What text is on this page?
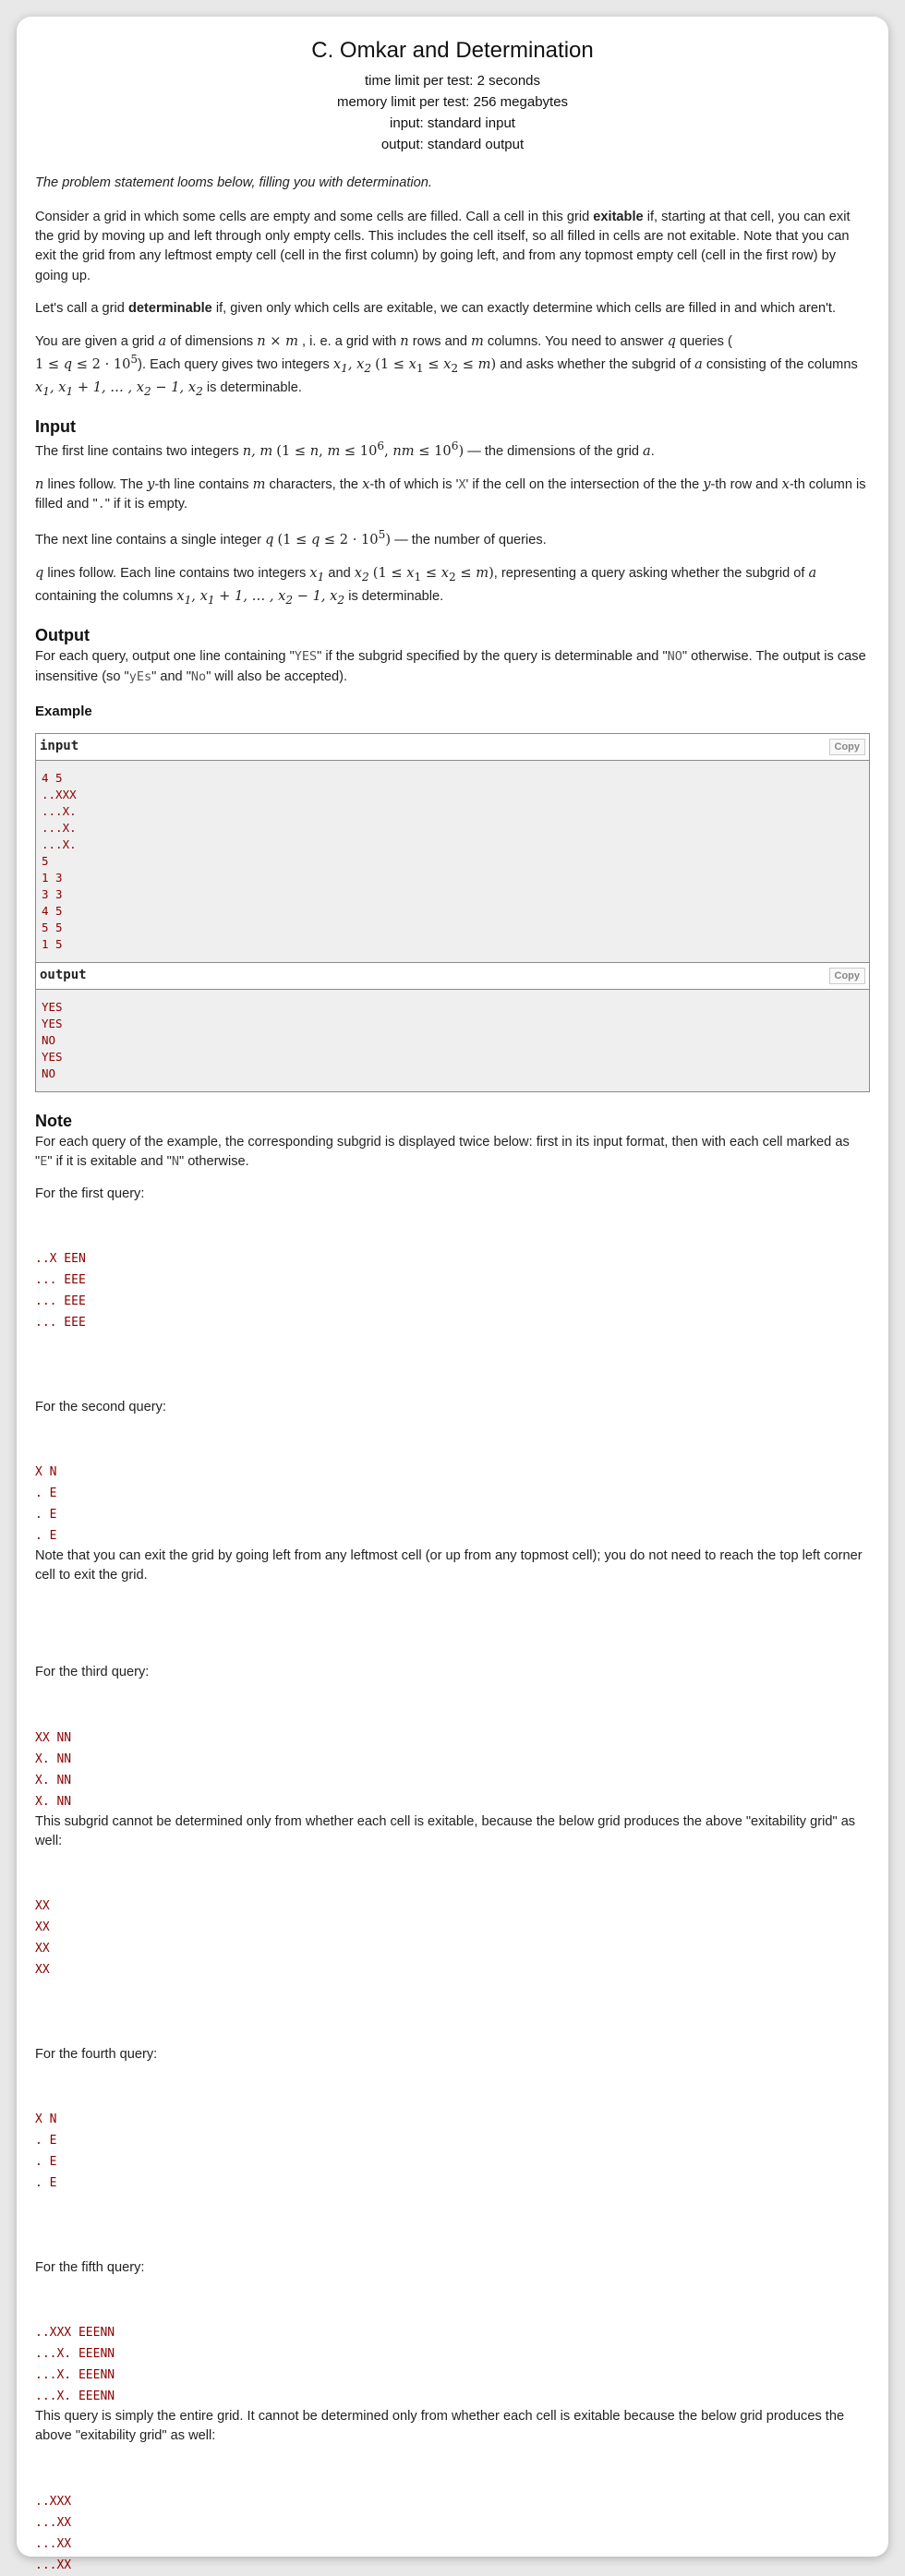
C. Omkar and Determination
time limit per test: 2 seconds
memory limit per test: 256 megabytes
input: standard input
output: standard output

The problem statement looms below, filling you with determination.

Consider a grid in which some cells are empty and some cells are filled. Call a cell in this grid exitable if, starting at that cell, you can exit the grid by moving up and left through only empty cells. This includes the cell itself, so all filled in cells are not exitable. Note that you can exit the grid from any leftmost empty cell (cell in the first column) by going left, and from any topmost empty cell (cell in the first row) by going up.

Let's call a grid determinable if, given only which cells are exitable, we can exactly determine which cells are filled in and which aren't.

You are given a grid a of dimensions n × m , i. e. a grid with n rows and m columns. You need to answer q queries (
$1 \le q \le 2 \cdot 10^5$). Each query gives two integers $x_1$, $x_2$ $(1 \le x_1 \le x_2 \le m)$ and asks whether the subgrid of a consisting of the columns $x_1$, $x_1 + 1$, … , $x_2 - 1$, $x_2$ is determinable.

Input

The first line contains two integers n, m (1 ≤ n, $m \le 10^6$, nm ≤ $10^6$) — the dimensions of the grid a.

n lines follow. The y-th line contains m characters, the x-th of which is 'X' if the cell on the intersection of the the y-th row and x-th column is filled and "." if it is empty.

The next line contains a single integer q $(1 \le q \le 2 \cdot 10^5)$ — the number of queries.

q lines follow. Each line contains two integers $x_1$ and $x_2$ $(1 \le x_1 \le x_2 \le m)$, representing a query asking whether the subgrid of a
containing the columns $x_1$, $x_1 + 1$, … , $x_2 - 1$, $x_2$ is determinable.

Output

For each query, output one line containing "YES" if the subgrid specified by the query is determinable and "NO" otherwise. The output is case insensitive (so "yEs" and "No" will also be accepted).

Example
input	Copy
4 5
..XXX
...X.
...X.
...X.
5
1 3
3 3
4 5
5 5
1 5
output	Copy
YES
YES
NO
YES
NO
Note

For each query of the example, the corresponding subgrid is displayed twice below: first in its input format, then with each cell marked as "E" if it is exitable and "N" otherwise.

For the first query:

..X EEN
... EEE
... EEE
... EEE

For the second query:

X N
. E
. E
. E

Note that you can exit the grid by going left from any leftmost cell (or up from any topmost cell); you do not need to reach the top left corner cell to exit the grid.

For the third query:

XX NN
X. NN
X. NN
X. NN

This subgrid cannot be determined only from whether each cell is exitable, because the below grid produces the above "exitability grid" as well:

XX
XX
XX
XX

For the fourth query:

X N
. E
. E
. E

For the fifth query:

..XXX EEENN
...X. EEENN
...X. EEENN
...X. EEENN

This query is simply the entire grid. It cannot be determined only from whether each cell is exitable because the below grid produces the above "exitability grid" as well:

..XXX
...XX
...XX
...XX
